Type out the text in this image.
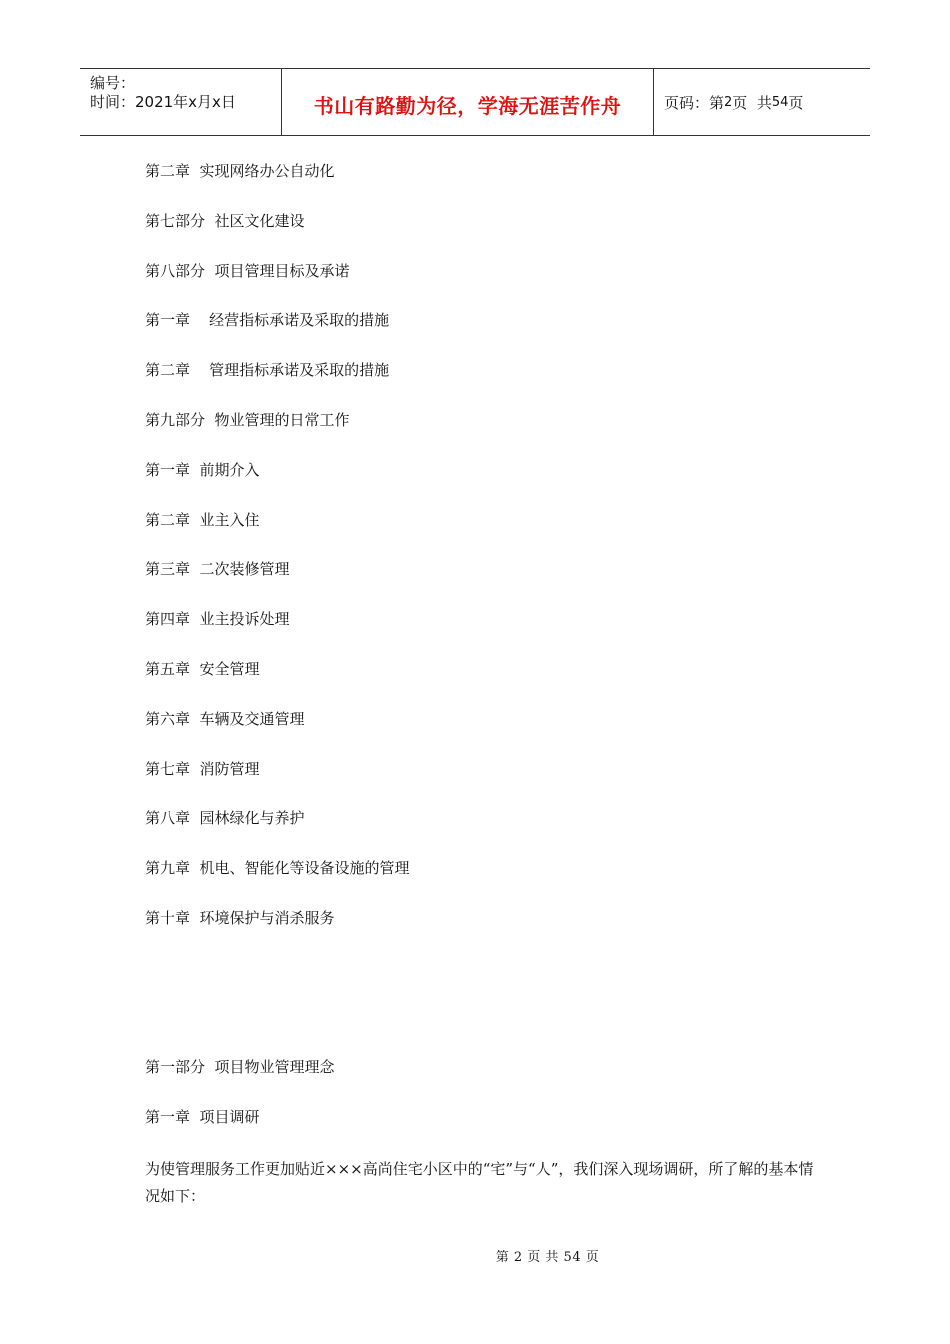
编号：
时间：2021年x月x日	书山有路勤为径，学海无涯苦作舟	页码：第 2 页  共 54 页
第二章  实现网络办公自动化
第七部分  社区文化建设
第八部分  项目管理目标及承诺
第一章    经营指标承诺及采取的措施
第二章    管理指标承诺及采取的措施
第九部分  物业管理的日常工作
第一章  前期介入
第二章  业主入住
第三章  二次装修管理
第四章  业主投诉处理
第五章  安全管理
第六章  车辆及交通管理
第七章  消防管理
第八章  园林绿化与养护
第九章  机电、智能化等设备设施的管理
第十章  环境保护与消杀服务
第一部分  项目物业管理理念
第一章  项目调研

为使管理服务工作更加贴近×××高尚住宅小区中的“宅”与“人”，我们深入现场调研，所了解的基本情况如下：

第 2 页 共 54 页
